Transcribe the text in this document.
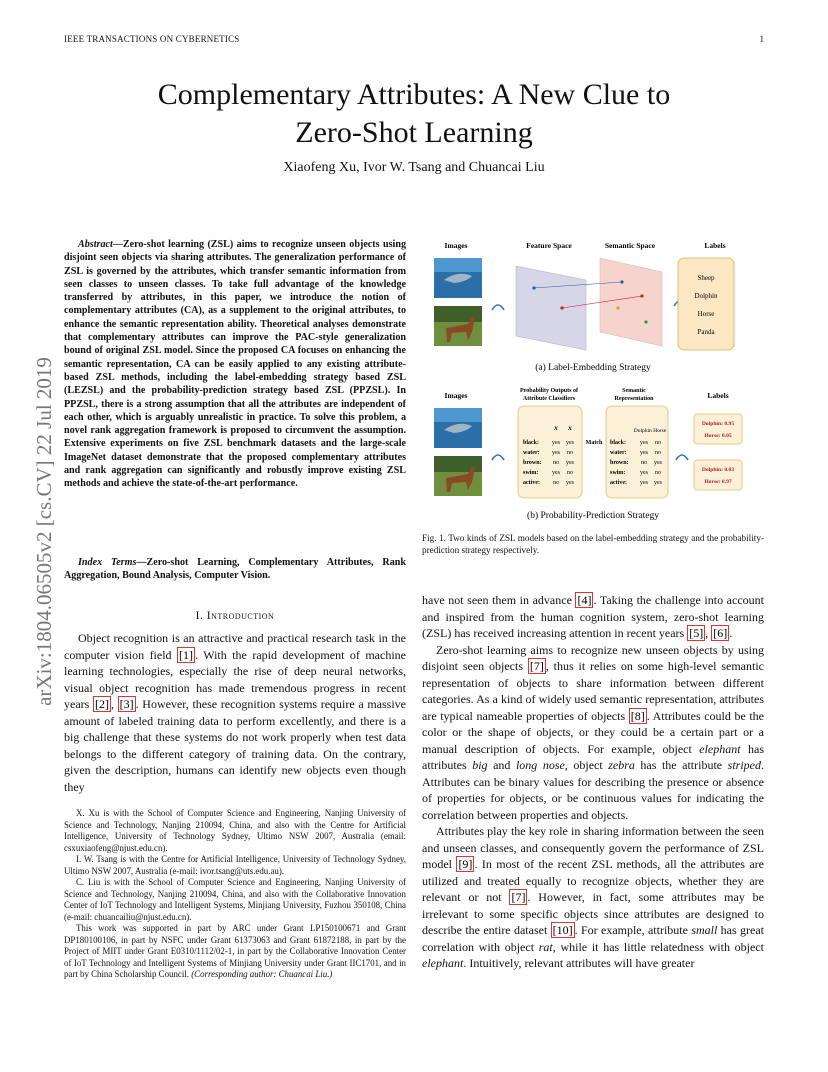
IEEE TRANSACTIONS ON CYBERNETICS	1
Complementary Attributes: A New Clue to
Zero-Shot Learning
Xiaofeng Xu, Ivor W. Tsang and Chuancai Liu
arXiv:1804.06505v2 [cs.CV] 22 Jul 2019

Abstract—Zero-shot learning (ZSL) aims to recognize unseen objects using disjoint seen objects via sharing attributes. The generalization performance of ZSL is governed by the attributes, which transfer semantic information from seen classes to unseen classes. To take full advantage of the knowledge transferred by attributes, in this paper, we introduce the notion of complementary attributes (CA), as a supplement to the original attributes, to enhance the semantic representation ability. Theoretical analyses demonstrate that complementary attributes can improve the PAC-style generalization bound of original ZSL model. Since the proposed CA focuses on enhancing the semantic representation, CA can be easily applied to any existing attribute-based ZSL methods, including the label-embedding strategy based ZSL (LEZSL) and the probability-prediction strategy based ZSL (PPZSL). In PPZSL, there is a strong assumption that all the attributes are independent of each other, which is arguably unrealistic in practice. To solve this problem, a novel rank aggregation framework is proposed to circumvent the assumption. Extensive experiments on five ZSL benchmark datasets and the large-scale ImageNet dataset demonstrate that the proposed complementary attributes and rank aggregation can significantly and robustly improve existing ZSL methods and achieve the state-of-the-art performance.

Index Terms—Zero-shot Learning, Complementary Attributes, Rank Aggregation, Bound Analysis, Computer Vision.

I. Introduction

Object recognition is an attractive and practical research task in the computer vision field [1] . With the rapid development of machine learning technologies, especially the rise of deep neural networks, visual object recognition has made tremendous progress in recent years [2] , [3] . However, these recognition systems require a massive amount of labeled training data to perform excellently, and there is a big challenge that these systems do not work properly when test data belongs to the different category of training data. On the contrary, given the description, humans can identify new objects even though they

X. Xu is with the School of Computer Science and Engineering, Nanjing University of Science and Technology, Nanjing 210094, China, and also with the Centre for Artificial Intelligence, University of Technology Sydney, Ultimo NSW 2007, Australia (email: csxuxiaofeng@njust.edu.cn).

I. W. Tsang is with the Centre for Artificial Intelligence, University of Technology Sydney, Ultimo NSW 2007, Australia (e-mail: ivor.tsang@uts.edu.au).

C. Liu is with the School of Computer Science and Engineering, Nanjing University of Science and Technology, Nanjing 210094, China, and also with the Collaborative Innovation Center of IoT Technology and Intelligent Systems, Minjiang University, Fuzhou 350108, China (e-mail: chuancailiu@njust.edu.cn).

This work was supported in part by ARC under Grant LP150100671 and Grant DP180100106, in part by NSFC under Grant 61373063 and Grant 61872188, in part by the Project of MIIT under Grant E0310/1112/02-1, in part by the Collaborative Innovation Center of IoT Technology and Intelligent Systems of Minjiang University under Grant IIC1701, and in part by China Scholarship Council. (Corresponding author: Chuancai Liu.)

Images	Feature Space	Semantic Space	Labels
Sheep
Dolphin
Horse
Panda
(a) Label-Embedding Strategy
Images	Probability Outputs of
Attribute Classifiers
Semantic
Representation	Labels
x x
black: yes yes
water: yes no
brown: no yes
swim: yes no
active: no yes
Match
Dolphin Horse
black: yes no
water: yes no
brown: no yes
swim: yes no
active: yes yes
Dolphin: 0.95
Horse: 0.05
Dolphin: 0.03
Horse: 0.97
(b) Probability-Prediction Strategy
Fig. 1. Two kinds of ZSL models based on the label-embedding strategy and the probability-prediction strategy respectively.

have not seen them in advance [4] . Taking the challenge into account and inspired from the human cognition system, zero-shot learning (ZSL) has received increasing attention in recent years [5] , [6] .

Zero-shot learning aims to recognize new unseen objects by using disjoint seen objects [7] , thus it relies on some high-level semantic representation of objects to share information between different categories. As a kind of widely used semantic representation, attributes are typical nameable properties of objects [8] . Attributes could be the color or the shape of objects, or they could be a certain part or a manual description of objects. For example, object elephant has attributes big and long nose, object zebra has the attribute striped. Attributes can be binary values for describing the presence or absence of properties for objects, or be continuous values for indicating the correlation between properties and objects.

Attributes play the key role in sharing information between the seen and unseen classes, and consequently govern the performance of ZSL model [9] . In most of the recent ZSL methods, all the attributes are utilized and treated equally to recognize objects, whether they are relevant or not [7] . However, in fact, some attributes may be irrelevant to some specific objects since attributes are designed to describe the entire dataset [10] . For example, attribute small has great correlation with object rat, while it has little relatedness with object elephant. Intuitively, relevant attributes will have greater
